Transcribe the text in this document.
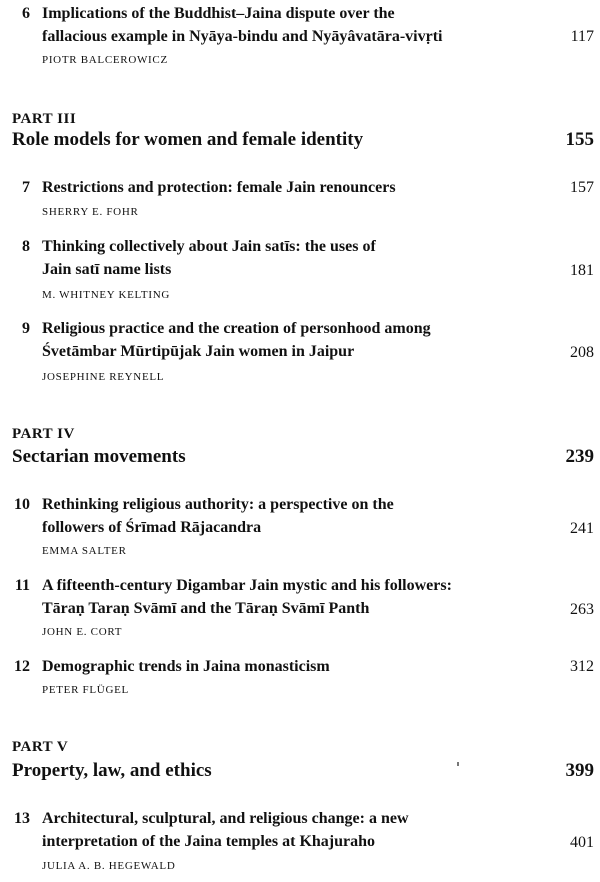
6 Implications of the Buddhist–Jaina dispute over the
fallacious example in Nyāya-bindu and Nyāyâvatāra-vivṛti	117
PIOTR BALCEROWICZ
PART III
Role models for women and female identity	155
7 Restrictions and protection: female Jain renouncers	157
SHERRY E. FOHR
8 Thinking collectively about Jain satīs: the uses of
Jain satī name lists	181
M. WHITNEY KELTING
9 Religious practice and the creation of personhood among
Śvetāmbar Mūrtipūjak Jain women in Jaipur	208
JOSEPHINE REYNELL
PART IV
Sectarian movements	239
10 Rethinking religious authority: a perspective on the
followers of Śrīmad Rājacandra	241
EMMA SALTER
11 A fifteenth-century Digambar Jain mystic and his followers:
Tāraṇ Taraṇ Svāmī and the Tāraṇ Svāmī Panth	263
JOHN E. CORT
12 Demographic trends in Jaina monasticism	312
PETER FLÜGEL
PART V
Property, law, and ethics	399
13 Architectural, sculptural, and religious change: a new
interpretation of the Jaina temples at Khajuraho	401
JULIA A. B. HEGEWALD
